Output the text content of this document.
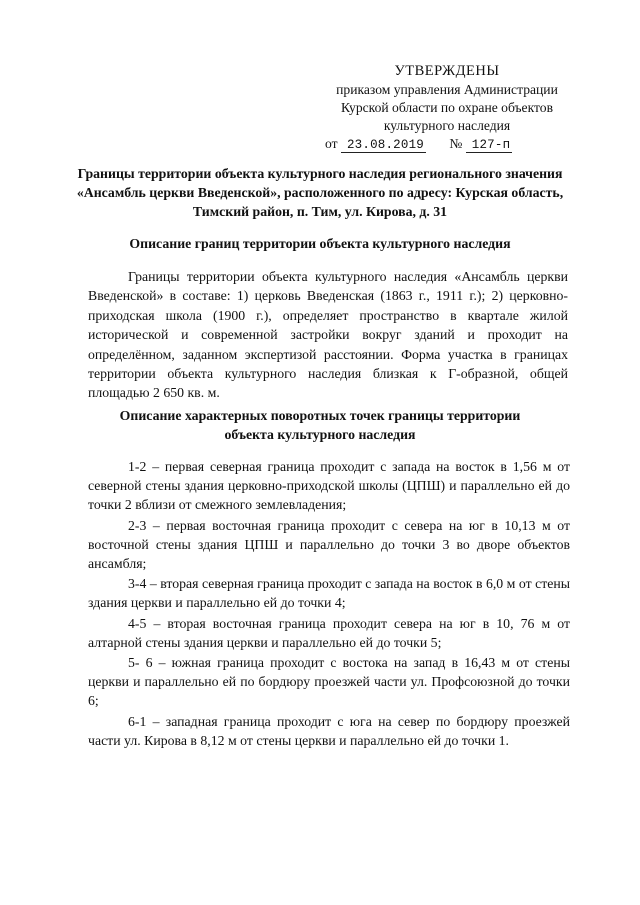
УТВЕРЖДЕНЫ
приказом управления Администрации
Курской области по охране объектов
культурного наследия
от 23.08.2019 № 127-п
Границы территории объекта культурного наследия регионального значения «Ансамбль церкви Введенской», расположенного по адресу: Курская область, Тимский район, п. Тим, ул. Кирова, д. 31
Описание границ территории объекта культурного наследия

Границы территории объекта культурного наследия «Ансамбль церкви Введенской» в составе: 1) церковь Введенская (1863 г., 1911 г.); 2) церковно-приходская школа (1900 г.), определяет пространство в квартале жилой исторической и современной застройки вокруг зданий и проходит на определённом, заданном экспертизой расстоянии. Форма участка в границах территории объекта культурного наследия близкая к Г-образной, общей площадью 2 650 кв. м.

Описание характерных поворотных точек границы территории объекта культурного наследия
1-2 – первая северная граница проходит с запада на восток в 1,56 м от северной стены здания церковно-приходской школы (ЦПШ) и параллельно ей до точки 2 вблизи от смежного землевладения;
2-3 – первая восточная граница проходит с севера на юг в 10,13 м от восточной стены здания ЦПШ и параллельно до точки 3 во дворе объектов ансамбля;
3-4 – вторая северная граница проходит с запада на восток в 6,0 м от стены здания церкви и параллельно ей до точки 4;
4-5 – вторая восточная граница проходит севера на юг в 10, 76 м от алтарной стены здания церкви и параллельно ей до точки 5;
5- 6 – южная граница проходит с востока на запад в 16,43 м от стены церкви и параллельно ей по бордюру проезжей части ул. Профсоюзной до точки 6;
6-1 – западная граница проходит с юга на север по бордюру проезжей части ул. Кирова в 8,12 м от стены церкви и параллельно ей до точки 1.
